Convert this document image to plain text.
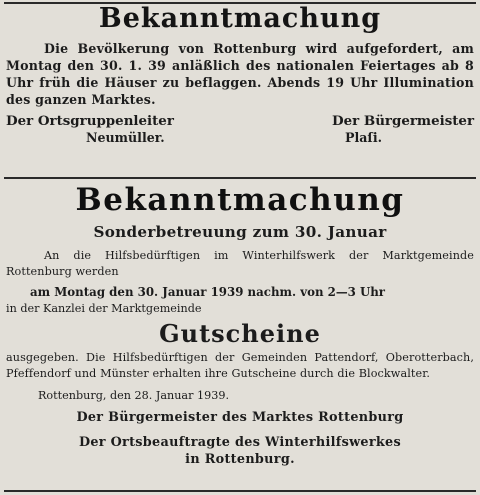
Bekanntmachung
Die Bevölkerung von Rottenburg wird aufgefordert, am Montag den 30. 1. 39 anläßlich des nationalen Feiertages ab 8 Uhr früh die Häuser zu beflaggen. Abends 19 Uhr Illumination des ganzen Marktes.
Der Ortsgruppenleiter	Der Bürgermeister
Neumüller.	Plaſi.
Bekanntmachung
Sonderbetreuung zum 30. Januar
An die Hilfsbedürftigen im Winterhilfswerk der Marktgemeinde Rottenburg werden
am Montag den 30. Januar 1939 nachm. von 2—3 Uhr
in der Kanzlei der Marktgemeinde
Gutscheine
ausgegeben. Die Hilfsbedürftigen der Gemeinden Pattendorf, Oberotterbach, Pfeffendorf und Münster erhalten ihre Gutscheine durch die Blockwalter.
Rottenburg, den 28. Januar 1939.
Der Bürgermeister des Marktes Rottenburg
Der Ortsbeauftragte des Winterhilfswerkes
in Rottenburg.
